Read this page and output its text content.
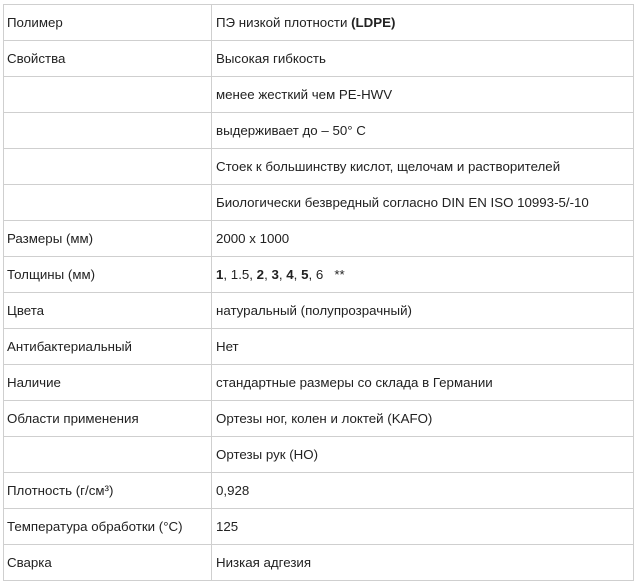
Полимер	ПЭ низкой плотности (LDPE)
Свойства	Высокая гибкость
	менее жесткий чем PE-HWV
	выдерживает до – 50° C
	Стоек к большинству кислот, щелочам и растворителей
	Биологически безвредный согласно DIN EN ISO 10993-5/-10
Размеры (мм)	2000 х 1000
Толщины (мм)	1, 1.5, 2, 3, 4, 5, 6   **
Цвета	натуральный (полупрозрачный)
Антибактериальный	Нет
Наличие	стандартные размеры со склада в Германии
Области применения	Ортезы ног, колен и локтей (KAFO)
	Ортезы рук (HO)
Плотность (г/см³)	0,928
Температура обработки (°С)	125
Сварка	Низкая адгезия
